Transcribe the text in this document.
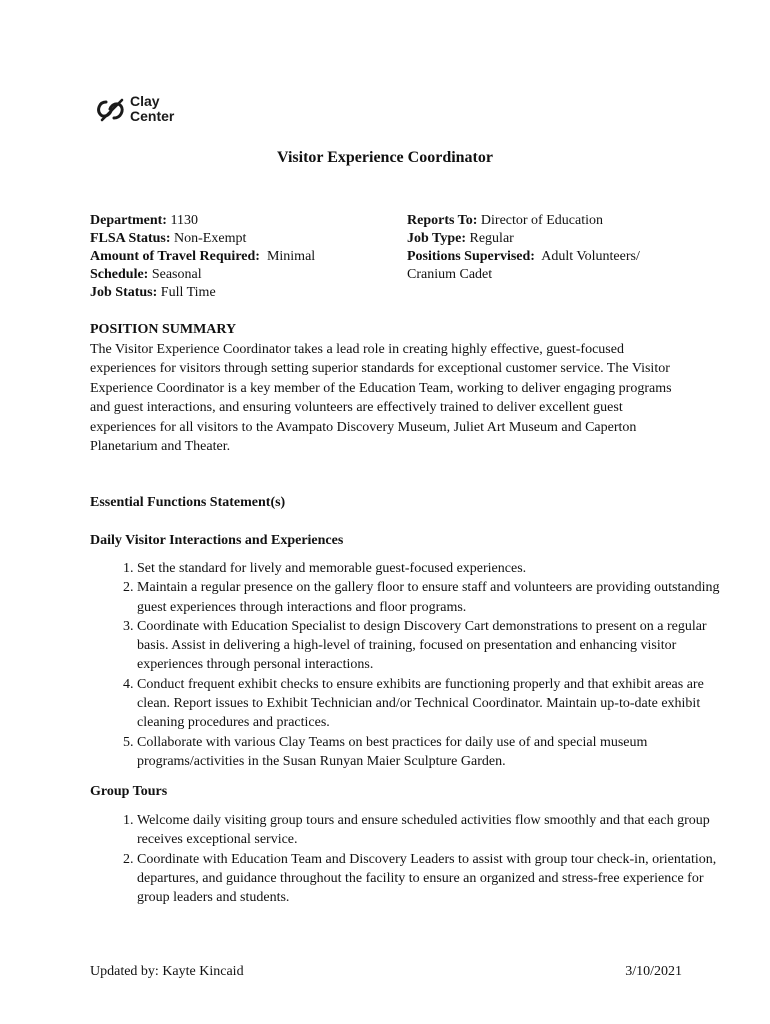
Clay
Center
Visitor Experience Coordinator
Department: 1130
FLSA Status: Non-Exempt
Amount of Travel Required: Minimal
Schedule: Seasonal
Job Status: Full Time
Reports To: Director of Education
Job Type: Regular
Positions Supervised: Adult Volunteers/
Cranium Cadet
POSITION SUMMARY
The Visitor Experience Coordinator takes a lead role in creating highly effective, guest-focused experiences for visitors through setting superior standards for exceptional customer service. The Visitor Experience Coordinator is a key member of the Education Team, working to deliver engaging programs and guest interactions, and ensuring volunteers are effectively trained to deliver excellent guest experiences for all visitors to the Avampato Discovery Museum, Juliet Art Museum and Caperton Planetarium and Theater.
Essential Functions Statement(s)
Daily Visitor Interactions and Experiences
1. Set the standard for lively and memorable guest-focused experiences.
2. Maintain a regular presence on the gallery floor to ensure staff and volunteers are providing outstanding guest experiences through interactions and floor programs.
3. Coordinate with Education Specialist to design Discovery Cart demonstrations to present on a regular basis. Assist in delivering a high-level of training, focused on presentation and enhancing visitor experiences through personal interactions.
4. Conduct frequent exhibit checks to ensure exhibits are functioning properly and that exhibit areas are clean. Report issues to Exhibit Technician and/or Technical Coordinator. Maintain up-to-date exhibit cleaning procedures and practices.
5. Collaborate with various Clay Teams on best practices for daily use of and special museum programs/activities in the Susan Runyan Maier Sculpture Garden.
Group Tours
1. Welcome daily visiting group tours and ensure scheduled activities flow smoothly and that each group receives exceptional service.
2. Coordinate with Education Team and Discovery Leaders to assist with group tour check-in, orientation, departures, and guidance throughout the facility to ensure an organized and stress-free experience for group leaders and students.
Updated by: Kayte Kincaid	3/10/2021
